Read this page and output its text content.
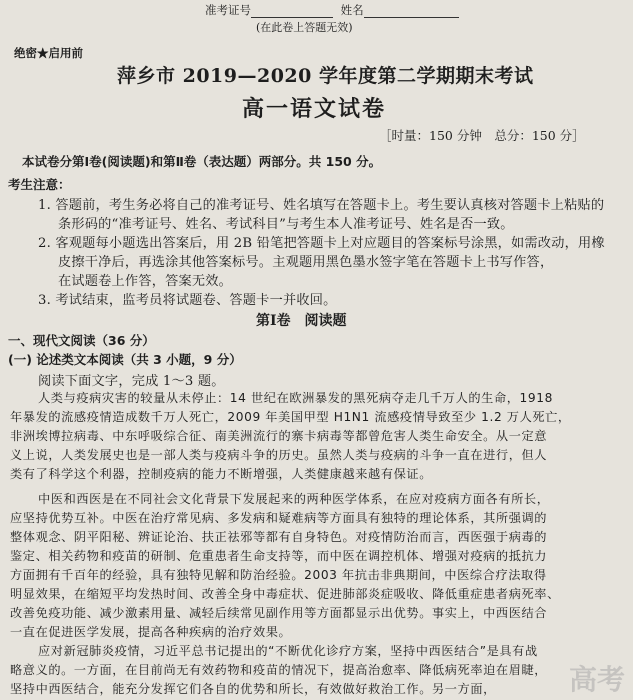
准考证号	姓名
(在此卷上答题无效)
绝密★启用前
萍乡市 2019—2020 学年度第二学期期末考试
高一语文试卷
［时量：150 分钟　总分：150 分］
本试卷分第Ⅰ卷(阅读题)和第Ⅱ卷（表达题）两部分。共 150 分。
考生注意：
1. 答题前，考生务必将自己的准考证号、姓名填写在答题卡上。考生要认真核对答题卡上粘贴的
条形码的“准考证号、姓名、考试科目”与考生本人准考证号、姓名是否一致。
2. 客观题每小题选出答案后，用 2B 铅笔把答题卡上对应题目的答案标号涂黑，如需改动，用橡
皮擦干净后，再选涂其他答案标号。主观题用黑色墨水签字笔在答题卡上书写作答，
在试题卷上作答，答案无效。
3. 考试结束，监考员将试题卷、答题卡一并收回。
第Ⅰ卷　阅读题
一、现代文阅读（36 分）
(一) 论述类文本阅读（共 3 小题，9 分）
阅读下面文字，完成 1～3 题。
人类与疫病灾害的较量从未停止：14 世纪在欧洲暴发的黑死病夺走几千万人的生命，1918
年暴发的流感疫情造成数千万人死亡，2009 年美国甲型 H1N1 流感疫情导致至少 1.2 万人死亡，
非洲埃博拉病毒、中东呼吸综合征、南美洲流行的寨卡病毒等都曾危害人类生命安全。从一定意
义上说，人类发展史也是一部人类与疫病斗争的历史。虽然人类与疫病的斗争一直在进行，但人
类有了科学这个利器，控制疫病的能力不断增强，人类健康越来越有保证。
中医和西医是在不同社会文化背景下发展起来的两种医学体系，在应对疫病方面各有所长，
应坚持优势互补。中医在治疗常见病、多发病和疑难病等方面具有独特的理论体系，其所强调的
整体观念、阴平阳秘、辨证论治、扶正祛邪等都有自身特色。对疫情防治而言，西医强于病毒的
鉴定、相关药物和疫苗的研制、危重患者生命支持等，而中医在调控机体、增强对疫病的抵抗力
方面拥有千百年的经验，具有独特见解和防治经验。2003 年抗击非典期间，中医综合疗法取得
明显效果，在缩短平均发热时间、改善全身中毒症状、促进肺部炎症吸收、降低重症患者病死率、
改善免疫功能、减少激素用量、减轻后续常见副作用等方面都显示出优势。事实上，中西医结合
一直在促进医学发展，提高各种疾病的治疗效果。
应对新冠肺炎疫情，习近平总书记提出的“不断优化诊疗方案，坚持中西医结合”是具有战
略意义的。一方面，在目前尚无有效药物和疫苗的情况下，提高治愈率、降低病死率迫在眉睫，
坚持中西医结合，能充分发挥它们各自的优势和所长，有效做好救治工作。另一方面，	高考
